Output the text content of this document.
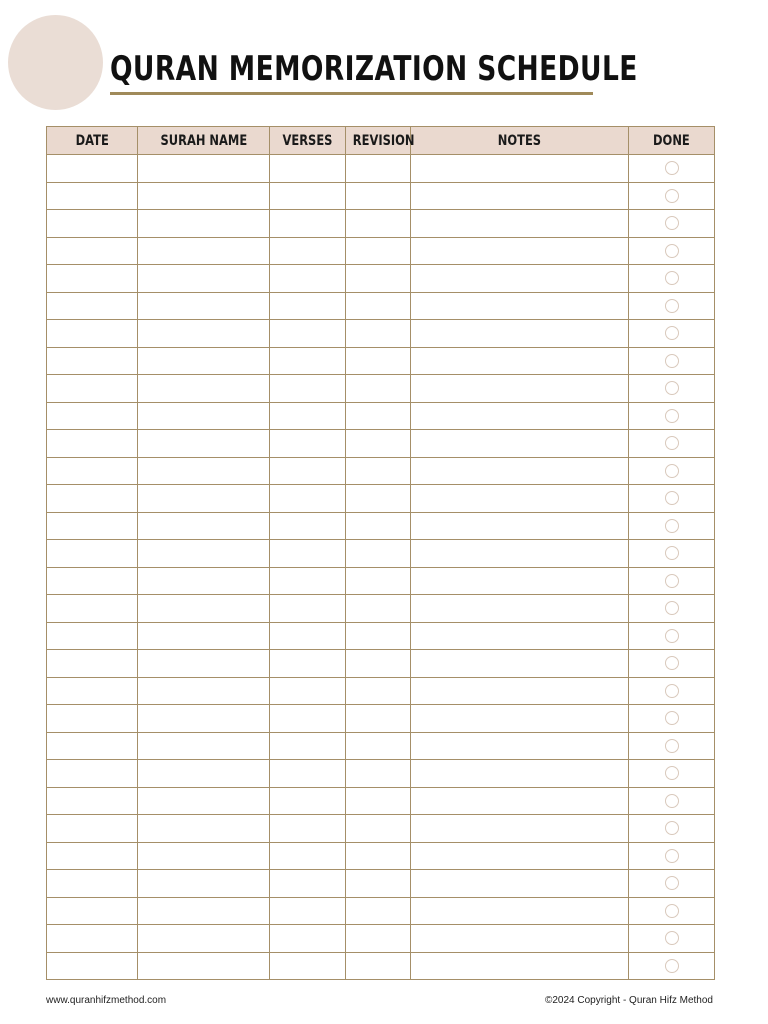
QURAN MEMORIZATION SCHEDULE
DATE	SURAH NAME	VERSES	REVISION	NOTES	DONE

www.quranhifzmethod.com	©2024 Copyright - Quran Hifz Method
